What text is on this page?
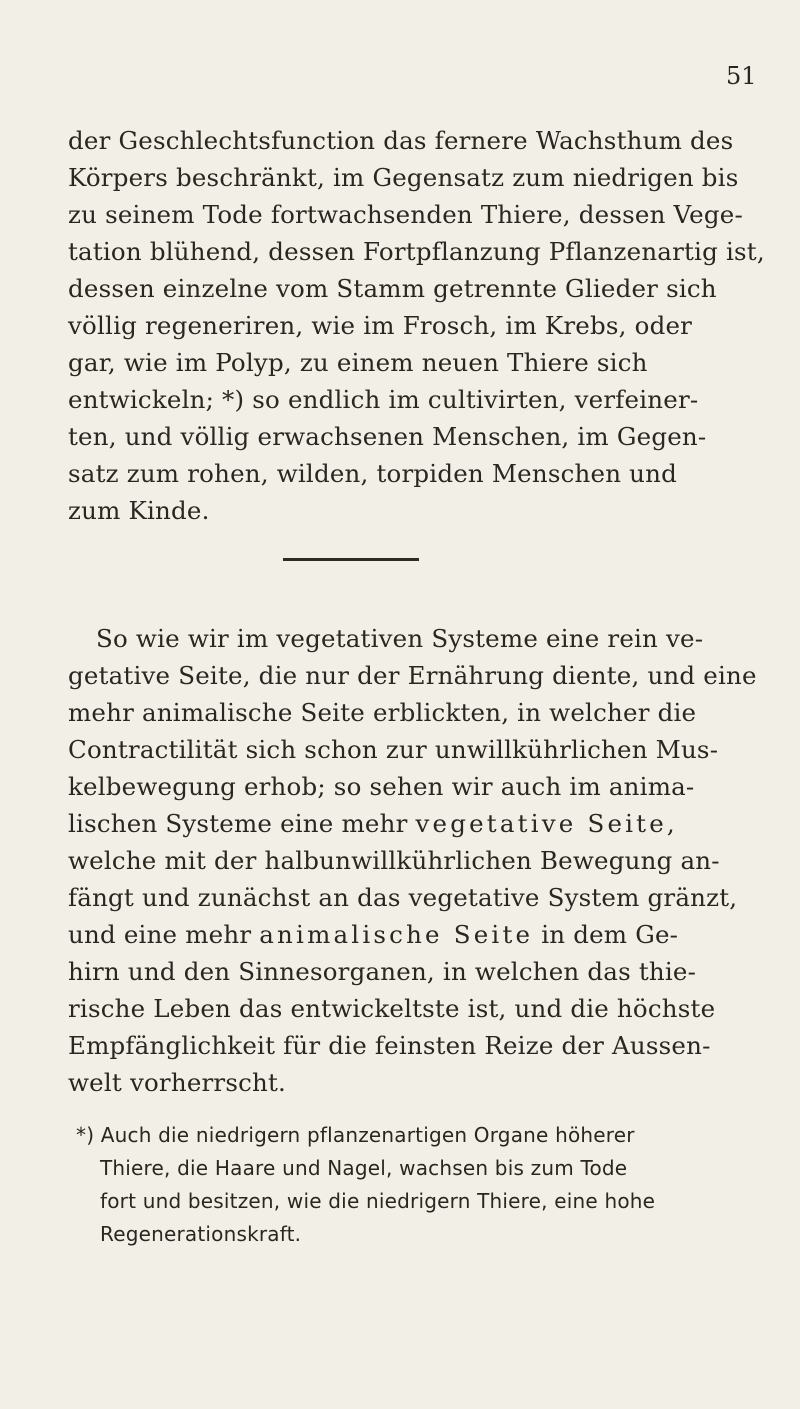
51
der Geschlechtsfunction das fernere Wachsthum des
Körpers beschränkt, im Gegensatz zum niedrigen bis
zu seinem Tode fortwachsenden Thiere, dessen Vege-
tation blühend, dessen Fortpflanzung Pflanzenartig ist,
dessen einzelne vom Stamm getrennte Glieder sich
völlig regeneriren, wie im Frosch, im Krebs, oder
gar, wie im Polyp, zu einem neuen Thiere sich
entwickeln; *) so endlich im cultivirten, verfeiner-
ten, und völlig erwachsenen Menschen, im Gegen-
satz zum rohen, wilden, torpiden Menschen und
zum Kinde.
So wie wir im vegetativen Systeme eine rein ve-
getative Seite, die nur der Ernährung diente, und eine
mehr animalische Seite erblickten, in welcher die
Contractilität sich schon zur unwillkührlichen Mus-
kelbewegung erhob; so sehen wir auch im anima-
lischen Systeme eine mehr vegetative Seite,
welche mit der halbunwillkührlichen Bewegung an-
fängt und zunächst an das vegetative System gränzt,
und eine mehr animalische Seite in dem Ge-
hirn und den Sinnesorganen, in welchen das thie-
rische Leben das entwickeltste ist, und die höchste
Empfänglichkeit für die feinsten Reize der Aussen-
welt vorherrscht.
*) Auch die niedrigern pflanzenartigen Organe höherer
Thiere, die Haare und Nagel, wachsen bis zum Tode
fort und besitzen, wie die niedrigern Thiere, eine hohe
Regenerationskraft.
